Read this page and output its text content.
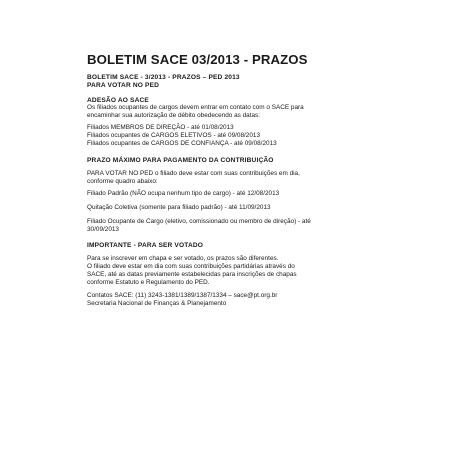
BOLETIM SACE 03/2013 - PRAZOS
BOLETIM SACE - 3/2013 - PRAZOS – PED 2013
PARA VOTAR NO PED
ADESÃO AO SACE
Os filiados ocupantes de cargos devem entrar em contato com o SACE para
encaminhar sua autorização de débito obedecendo as datas:
Filiados MEMBROS DE DIREÇÃO - até 01/08/2013
Filiados ocupantes de CARGOS ELETIVOS - até 09/08/2013
Filiados ocupantes de CARGOS DE CONFIANÇA - até 09/08/2013
PRAZO MÁXIMO PARA PAGAMENTO DA CONTRIBUIÇÃO
PARA VOTAR NO PED o filiado deve estar com suas contribuições em dia,
conforme quadro abaixo:
Filiado Padrão (NÃO ocupa nenhum tipo de cargo) - até 12/08/2013
Quitação Coletiva (somente para filiado padrão) - até 11/09/2013
Filiado Ocupante de Cargo (eletivo, comissionado ou membro de direção) - até
30/09/2013
IMPORTANTE - PARA SER VOTADO
Para se inscrever em chapa e ser votado, os prazos são diferentes.
O filiado deve estar em dia com suas contribuições partidárias através do
SACE, até as datas previamente estabelecidas para inscrições de chapas
conforme Estatuto e Regulamento do PED.
Contatos SACE: (11) 3243-1381/1389/1387/1334 – sace@pt.org.br
Secretaria Nacional de Finanças & Planejamento
